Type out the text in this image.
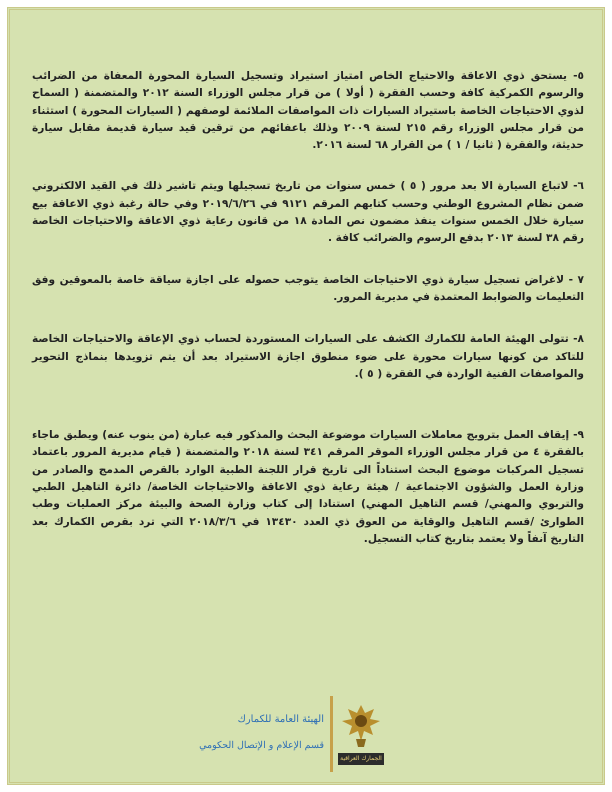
٥- يستحق ذوي الاعاقة والاحتياج الخاص امتياز استيراد وتسجيل السيارة المحورة المعفاة من الضرائب والرسوم الكمركية كافة وحسب الفقرة ( أولا ) من قرار مجلس الوزراء السنة ٢٠١٢ والمتضمنة ( السماح لذوي الاحتياجات الخاصة باستيراد السيارات ذات المواصفات الملائمة لوصفهم ( السيارات المحورة ) استثناء من قرار مجلس الوزراء رقم ٢١٥ لسنة ٢٠٠٩ وذلك باعفائهم من ترقين قيد سيارة قديمة مقابل سيارة حديثة، والفقرة ( ثانيا / ١ ) من القرار ٦٨ لسنة ٢٠١٦.

٦- لاتباع السيارة الا بعد مرور ( ٥ ) خمس سنوات من تاريخ تسجيلها ويتم تاشير ذلك في القيد الالكتروني ضمن نظام المشروع الوطني وحسب كتابهم المرقم ٩١٢١ في ٢٠١٩/٦/٢٦ وفي حالة رغبة ذوي الاعاقة بيع سيارة خلال الخمس سنوات ينفذ مضمون نص المادة ١٨ من قانون رعاية ذوي الاعاقة والاحتياجات الخاصة رقم ٣٨ لسنة ٢٠١٣ بدفع الرسوم والضرائب كافة .

٧ - لاغراض تسجيل سيارة ذوي الاحتياجات الخاصة يتوجب حصوله على اجازة سياقة خاصة بالمعوقين وفق التعليمات والضوابط المعتمدة في مديرية المرور.

٨- تتولى الهيئة العامة للكمارك الكشف على السيارات المستوردة لحساب ذوي الإعاقة والاحتياجات الخاصة للتاكد من كونها سيارات محورة على ضوء منطوق اجازة الاستيراد بعد أن يتم تزويدها بنماذج التحوير والمواصفات الفنية الواردة في الفقرة ( ٥ ).

٩- إيقاف العمل بترويج معاملات السيارات موضوعة البحث والمذكور فيه عبارة (من ينوب عنه) ويطبق ماجاء بالفقرة ٤ من قرار مجلس الوزراء الموقر المرقم ٣٤١ لسنة ٢٠١٨ والمتضمنة ( قيام مديرية المرور باعتماد تسجيل المركبات موضوع البحث استناداً الى تاريخ قرار اللجنة الطبية الوارد بالقرص المدمج والصادر من وزارة العمل والشؤون الاجتماعية / هيئة رعاية ذوي الاعاقة والاحتياجات الخاصة/ دائرة التاهيل الطبي والتربوي والمهني/ قسم التاهيل المهني) استنادا إلى كتاب وزارة الصحة والبيئة مركز العمليات وطب الطوارئ /قسم التاهيل والوقاية من العوق ذي العدد ١٣٤٣٠ في ٢٠١٨/٣/٦ التي ترد بقرص الكمارك بعد التاريخ آنفاً ولا يعتمد بتاريخ كتاب التسجيل.

الهيئة العامة للكمارك
قسم الإعلام و الإتصال الحكومي
الجمارك العراقية
